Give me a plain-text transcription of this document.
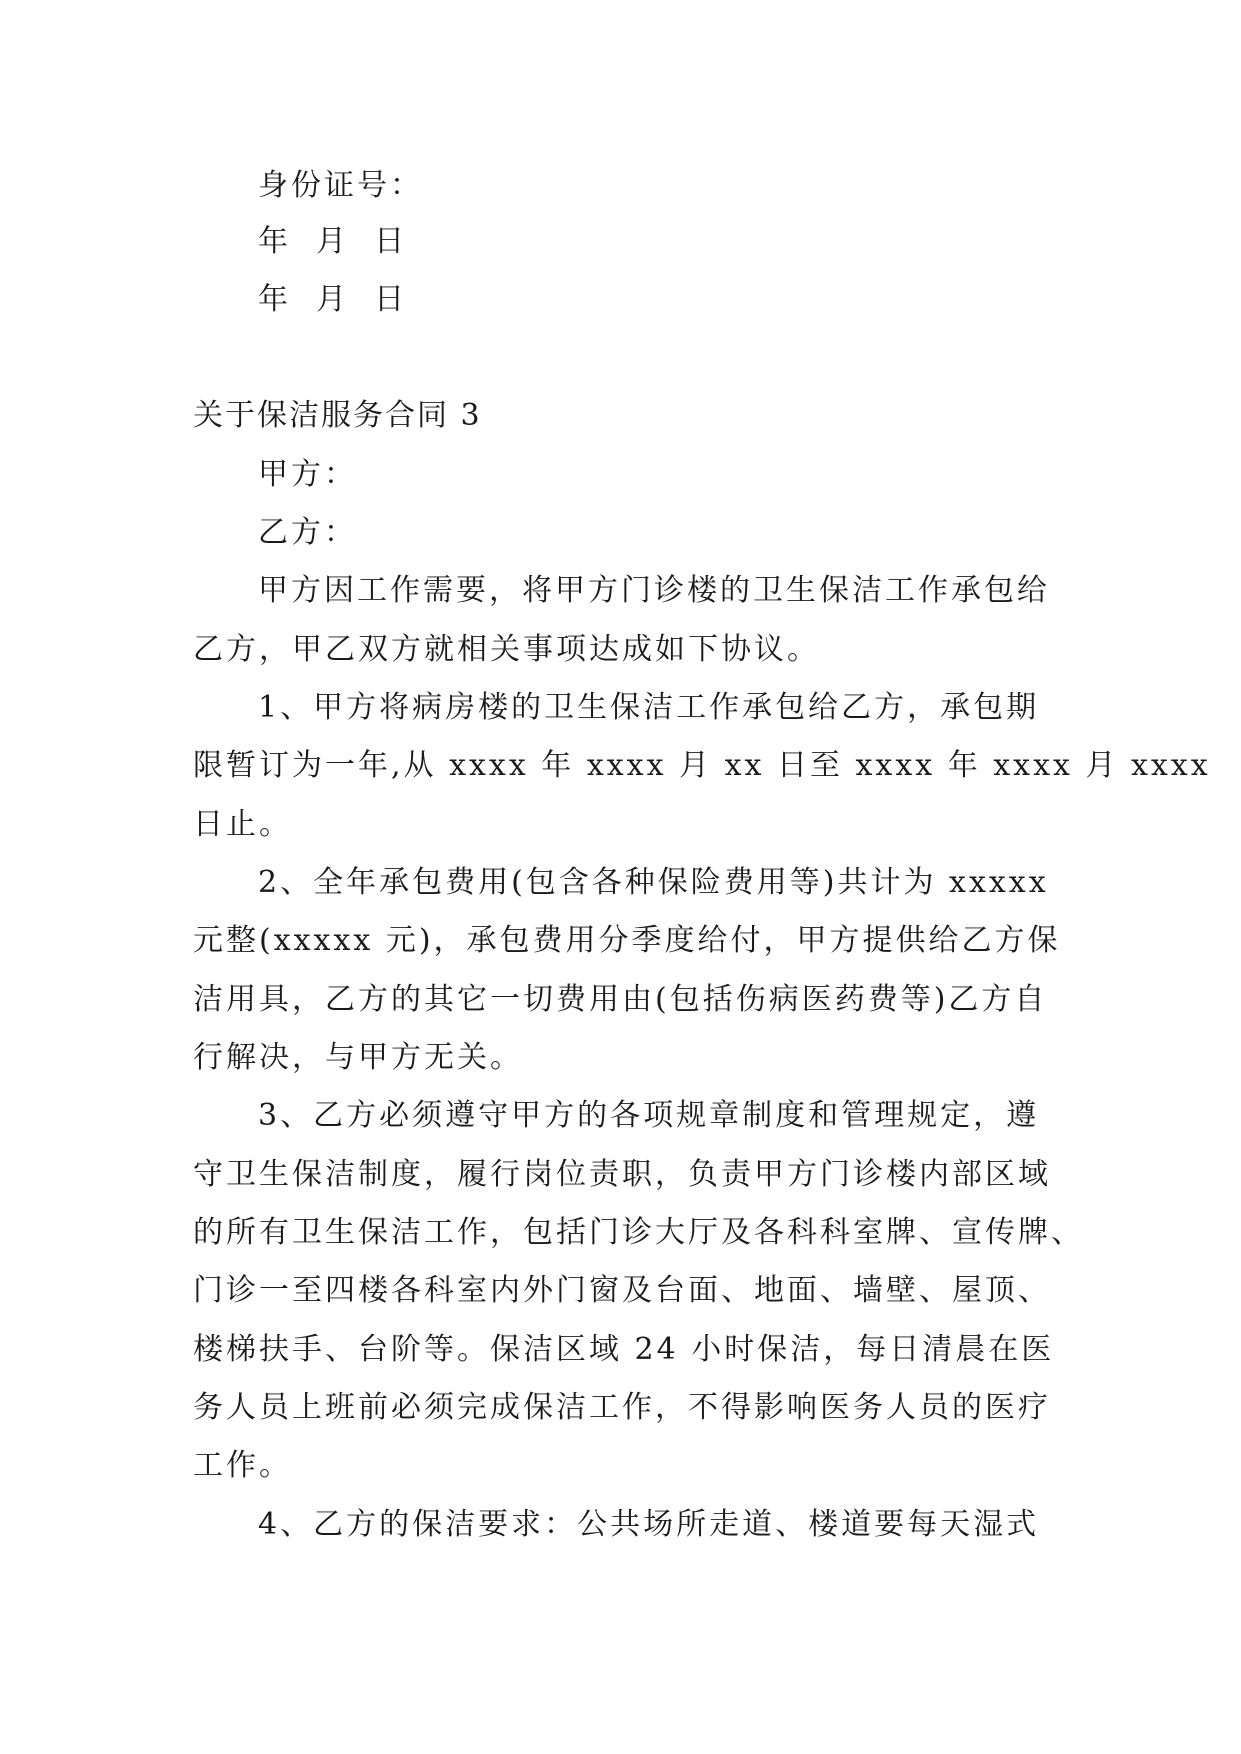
身份证号：
年  月  日
年  月  日
关于保洁服务合同 3
甲方：
乙方：
甲方因工作需要，将甲方门诊楼的卫生保洁工作承包给
乙方，甲乙双方就相关事项达成如下协议。
1、甲方将病房楼的卫生保洁工作承包给乙方，承包期
限暂订为一年,从 xxxx 年 xxxx 月 xx 日至 xxxx 年 xxxx 月 xxxx
日止。
2、全年承包费用(包含各种保险费用等)共计为 xxxxx
元整(xxxxx 元)，承包费用分季度给付，甲方提供给乙方保
洁用具，乙方的其它一切费用由(包括伤病医药费等)乙方自
行解决，与甲方无关。
3、乙方必须遵守甲方的各项规章制度和管理规定，遵
守卫生保洁制度，履行岗位责职，负责甲方门诊楼内部区域
的所有卫生保洁工作，包括门诊大厅及各科科室牌、宣传牌、
门诊一至四楼各科室内外门窗及台面、地面、墙壁、屋顶、
楼梯扶手、台阶等。保洁区域 24 小时保洁，每日清晨在医
务人员上班前必须完成保洁工作，不得影响医务人员的医疗
工作。
4、乙方的保洁要求：公共场所走道、楼道要每天湿式
